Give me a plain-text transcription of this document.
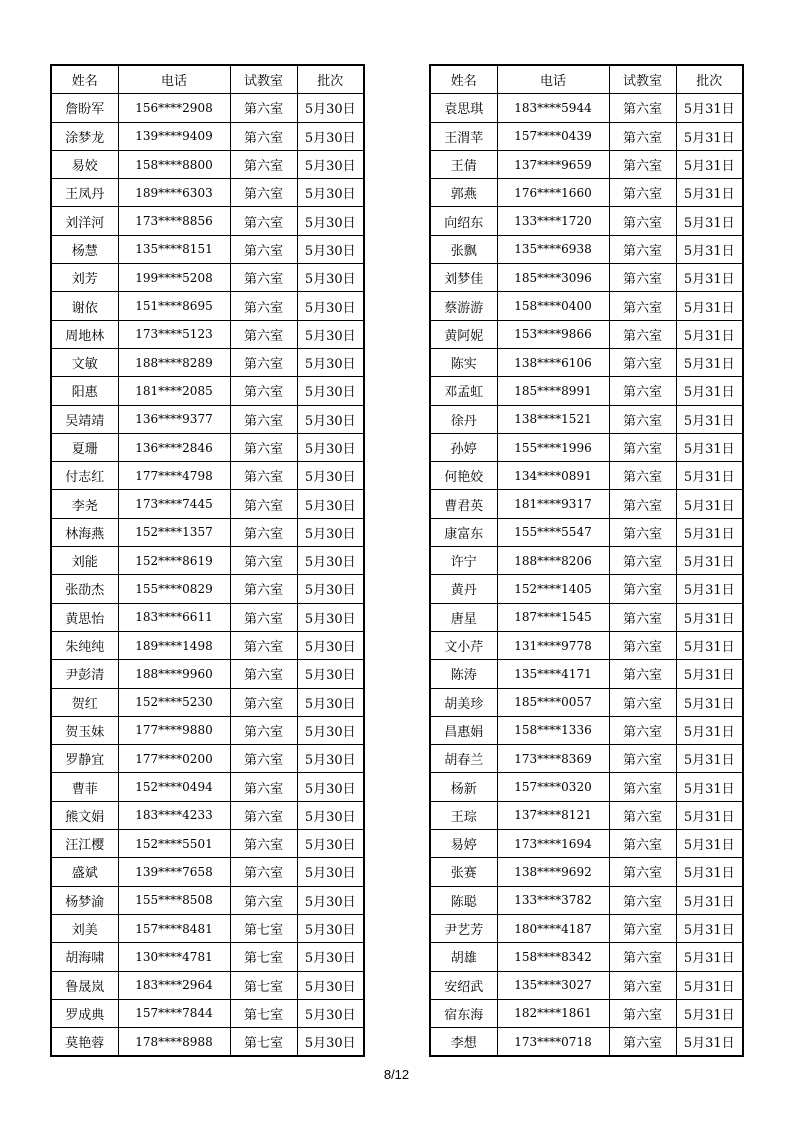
姓名	电话	试教室	批次
詹盼军	156****2908	第六室	5月30日
涂梦龙	139****9409	第六室	5月30日
易姣	158****8800	第六室	5月30日
王凤丹	189****6303	第六室	5月30日
刘洋河	173****8856	第六室	5月30日
杨慧	135****8151	第六室	5月30日
刘芳	199****5208	第六室	5月30日
谢依	151****8695	第六室	5月30日
周地林	173****5123	第六室	5月30日
文敏	188****8289	第六室	5月30日
阳惠	181****2085	第六室	5月30日
吴靖靖	136****9377	第六室	5月30日
夏珊	136****2846	第六室	5月30日
付志红	177****4798	第六室	5月30日
李尧	173****7445	第六室	5月30日
林海燕	152****1357	第六室	5月30日
刘能	152****8619	第六室	5月30日
张劭杰	155****0829	第六室	5月30日
黄思怡	183****6611	第六室	5月30日
朱纯纯	189****1498	第六室	5月30日
尹彭清	188****9960	第六室	5月30日
贺红	152****5230	第六室	5月30日
贺玉妹	177****9880	第六室	5月30日
罗静宜	177****0200	第六室	5月30日
曹菲	152****0494	第六室	5月30日
熊文娟	183****4233	第六室	5月30日
汪江樱	152****5501	第六室	5月30日
盛斌	139****7658	第六室	5月30日
杨梦渝	155****8508	第六室	5月30日
刘美	157****8481	第七室	5月30日
胡海啸	130****4781	第七室	5月30日
鲁晟岚	183****2964	第七室	5月30日
罗成典	157****7844	第七室	5月30日
莫艳蓉	178****8988	第七室	5月30日
姓名	电话	试教室	批次
袁思琪	183****5944	第六室	5月31日
王渭苹	157****0439	第六室	5月31日
王倩	137****9659	第六室	5月31日
郭燕	176****1660	第六室	5月31日
向绍东	133****1720	第六室	5月31日
张飘	135****6938	第六室	5月31日
刘梦佳	185****3096	第六室	5月31日
蔡游游	158****0400	第六室	5月31日
黄阿妮	153****9866	第六室	5月31日
陈实	138****6106	第六室	5月31日
邓孟虹	185****8991	第六室	5月31日
徐丹	138****1521	第六室	5月31日
孙婷	155****1996	第六室	5月31日
何艳姣	134****0891	第六室	5月31日
曹君英	181****9317	第六室	5月31日
康富东	155****5547	第六室	5月31日
许宁	188****8206	第六室	5月31日
黄丹	152****1405	第六室	5月31日
唐星	187****1545	第六室	5月31日
文小芹	131****9778	第六室	5月31日
陈涛	135****4171	第六室	5月31日
胡美珍	185****0057	第六室	5月31日
昌惠娟	158****1336	第六室	5月31日
胡春兰	173****8369	第六室	5月31日
杨新	157****0320	第六室	5月31日
王琮	137****8121	第六室	5月31日
易婷	173****1694	第六室	5月31日
张赛	138****9692	第六室	5月31日
陈聪	133****3782	第六室	5月31日
尹艺芳	180****4187	第六室	5月31日
胡雄	158****8342	第六室	5月31日
安绍武	135****3027	第六室	5月31日
宿东海	182****1861	第六室	5月31日
李想	173****0718	第六室	5月31日
8/12
